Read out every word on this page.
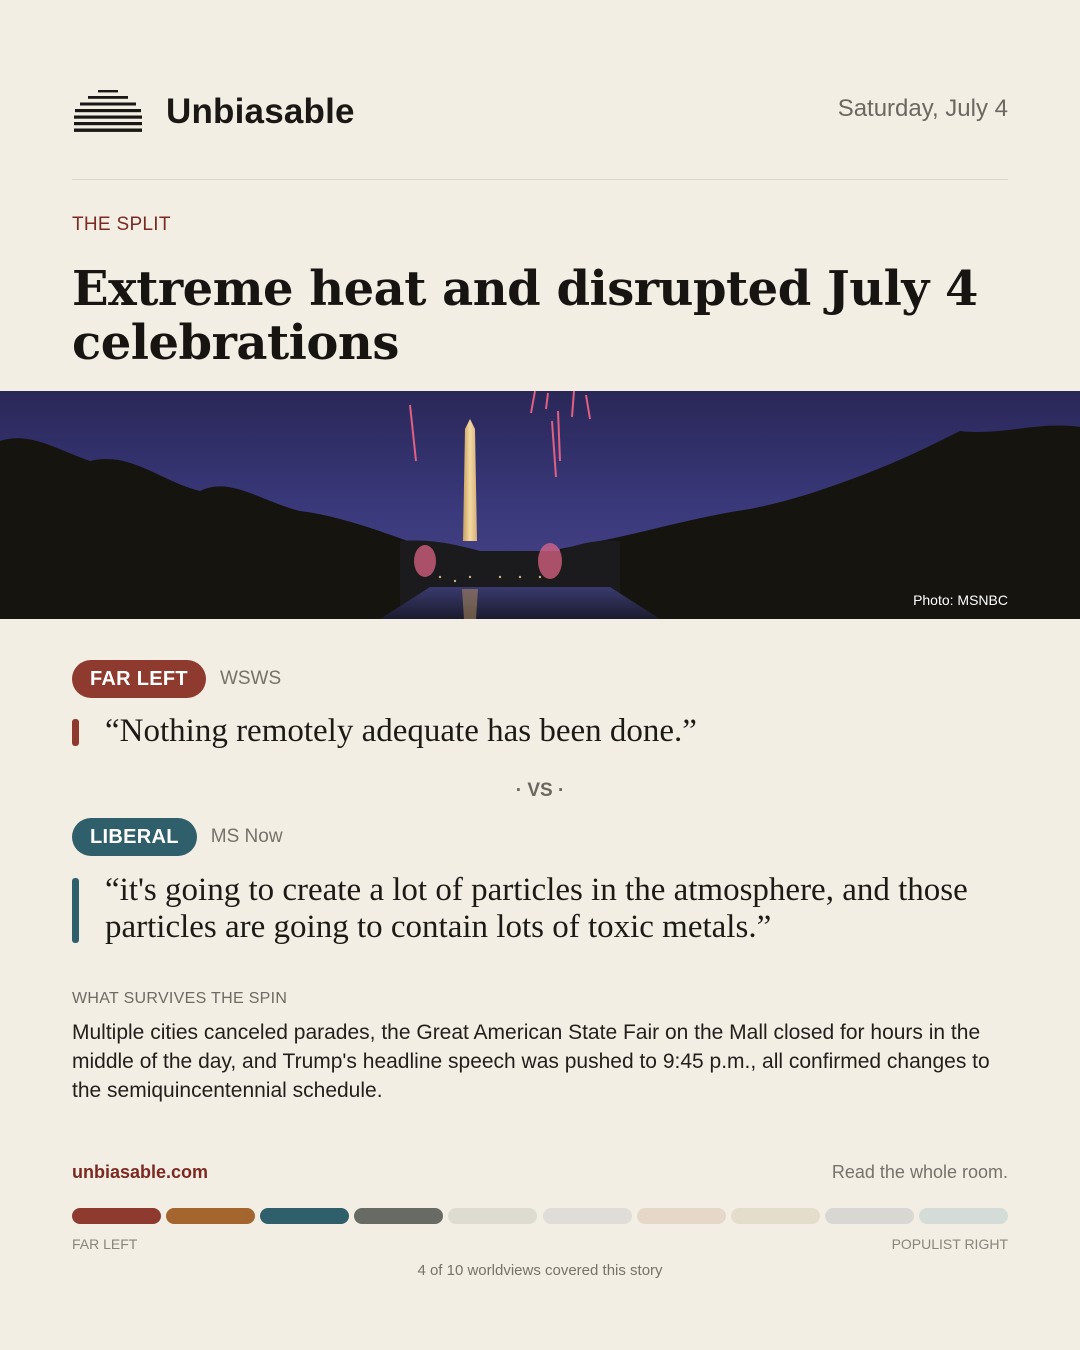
Unbiasable	Saturday, July 4
THE SPLIT
Extreme heat and disrupted July 4 celebrations
Photo: MSNBC
FAR LEFT	WSWS
“Nothing remotely adequate has been done.”
· VS ·
LIBERAL	MS Now
“it's going to create a lot of particles in the atmosphere, and those particles are going to contain lots of toxic metals.”
WHAT SURVIVES THE SPIN

Multiple cities canceled parades, the Great American State Fair on the Mall closed for hours in the middle of the day, and Trump's headline speech was pushed to 9:45 p.m., all confirmed changes to the semiquincentennial schedule.

unbiasable.com	Read the whole room.
FAR LEFT	POPULIST RIGHT
4 of 10 worldviews covered this story
